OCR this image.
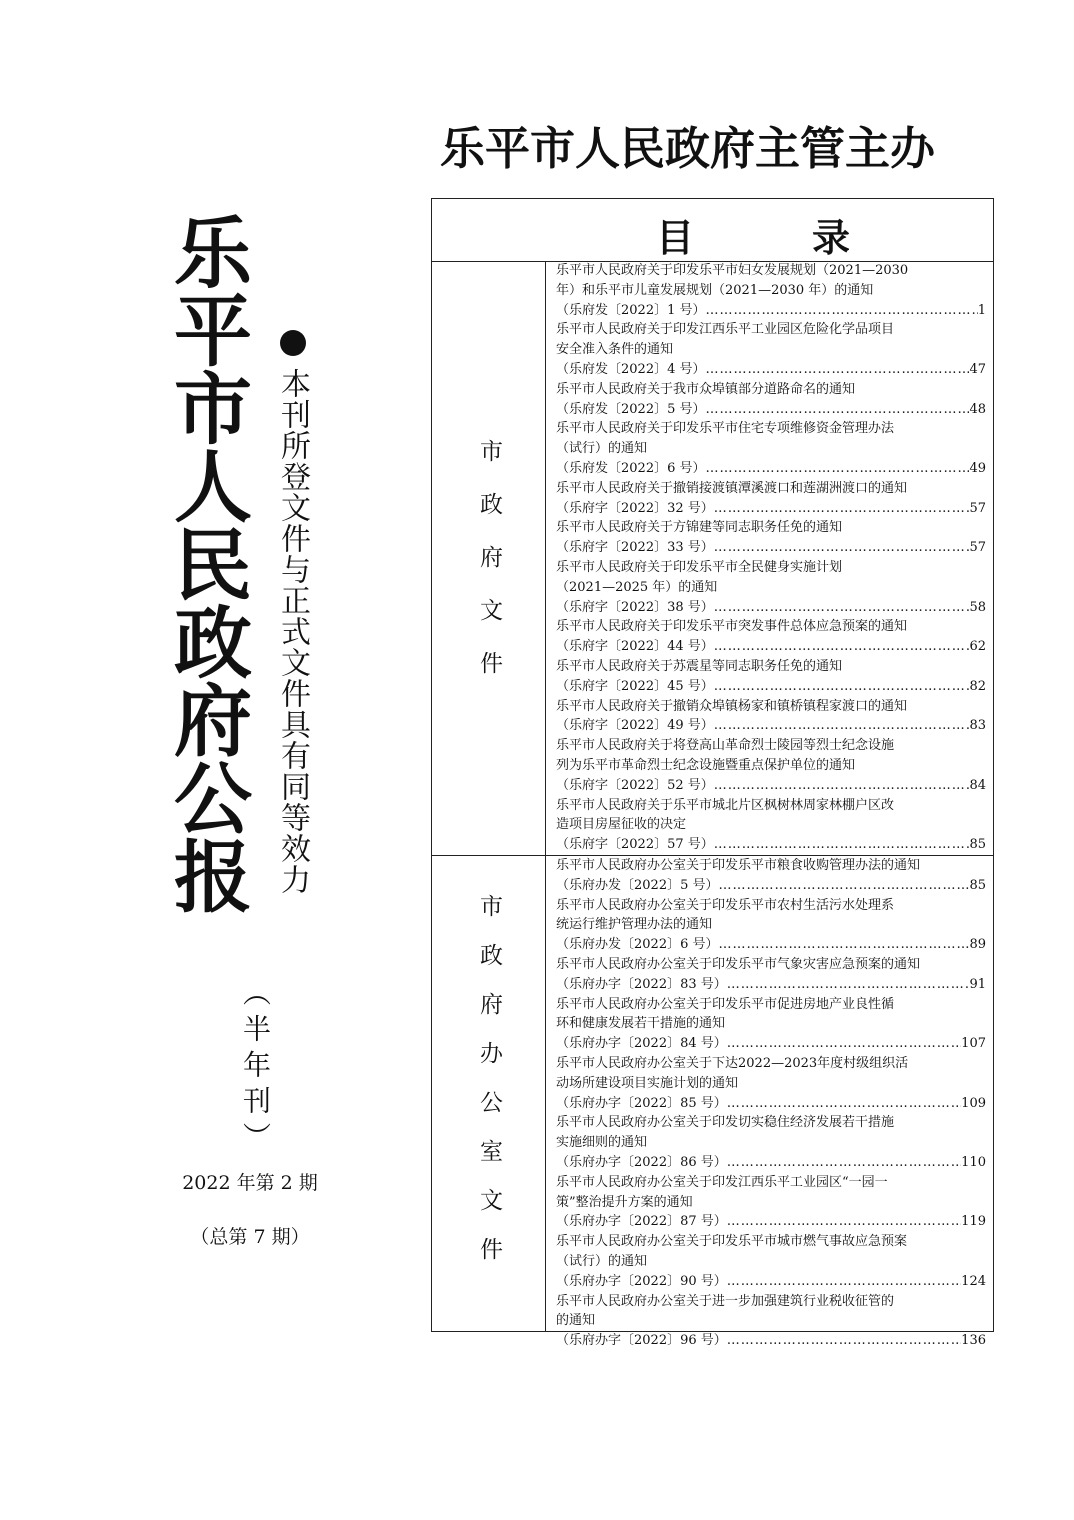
乐平市人民政府公报 本刊所登文件与正式文件具有同等效力
（半年刊）
2022 年第 2 期
（总第 7 期）
乐平市人民政府主管主办
目	录
市政府文件
乐平市人民政府关于印发乐平市妇女发展规划（2021—2030
年）和乐平市儿童发展规划（2021—2030 年）的通知
（乐府发〔2022〕1 号） …………………………………………………………………………………………	1
乐平市人民政府关于印发江西乐平工业园区危险化学品项目
安全准入条件的通知
（乐府发〔2022〕4 号） …………………………………………………………………………………………	47
乐平市人民政府关于我市众埠镇部分道路命名的通知
（乐府发〔2022〕5 号） …………………………………………………………………………………………	48
乐平市人民政府关于印发乐平市住宅专项维修资金管理办法
（试行）的通知
（乐府发〔2022〕6 号） …………………………………………………………………………………………	49
乐平市人民政府关于撤销接渡镇潭溪渡口和莲湖洲渡口的通知
（乐府字〔2022〕32 号） …………………………………………………………………………………………	57
乐平市人民政府关于方锦建等同志职务任免的通知
（乐府字〔2022〕33 号） …………………………………………………………………………………………	57
乐平市人民政府关于印发乐平市全民健身实施计划
（2021—2025 年）的通知
（乐府字〔2022〕38 号） …………………………………………………………………………………………	58
乐平市人民政府关于印发乐平市突发事件总体应急预案的通知
（乐府字〔2022〕44 号） …………………………………………………………………………………………	62
乐平市人民政府关于苏震星等同志职务任免的通知
（乐府字〔2022〕45 号） …………………………………………………………………………………………	82
乐平市人民政府关于撤销众埠镇杨家和镇桥镇程家渡口的通知
（乐府字〔2022〕49 号） …………………………………………………………………………………………	83
乐平市人民政府关于将登高山革命烈士陵园等烈士纪念设施
列为乐平市革命烈士纪念设施暨重点保护单位的通知
（乐府字〔2022〕52 号） …………………………………………………………………………………………	84
乐平市人民政府关于乐平市城北片区枫树林周家林棚户区改
造项目房屋征收的决定
（乐府字〔2022〕57 号） …………………………………………………………………………………………	85
市政府办公室文件
乐平市人民政府办公室关于印发乐平市粮食收购管理办法的通知
（乐府办发〔2022〕5 号） …………………………………………………………………………………………	85
乐平市人民政府办公室关于印发乐平市农村生活污水处理系
统运行维护管理办法的通知
（乐府办发〔2022〕6 号） …………………………………………………………………………………………	89
乐平市人民政府办公室关于印发乐平市气象灾害应急预案的通知
（乐府办字〔2022〕83 号） …………………………………………………………………………………………	91
乐平市人民政府办公室关于印发乐平市促进房地产业良性循
环和健康发展若干措施的通知
（乐府办字〔2022〕84 号） …………………………………………………………………………………………	107
乐平市人民政府办公室关于下达2022—2023年度村级组织活
动场所建设项目实施计划的通知
（乐府办字〔2022〕85 号） …………………………………………………………………………………………	109
乐平市人民政府办公室关于印发切实稳住经济发展若干措施
实施细则的通知
（乐府办字〔2022〕86 号） …………………………………………………………………………………………	110
乐平市人民政府办公室关于印发江西乐平工业园区“一园一
策”整治提升方案的通知
（乐府办字〔2022〕87 号） …………………………………………………………………………………………	119
乐平市人民政府办公室关于印发乐平市城市燃气事故应急预案
（试行）的通知
（乐府办字〔2022〕90 号） …………………………………………………………………………………………	124
乐平市人民政府办公室关于进一步加强建筑行业税收征管的
的通知
（乐府办字〔2022〕96 号） …………………………………………………………………………………………	136
